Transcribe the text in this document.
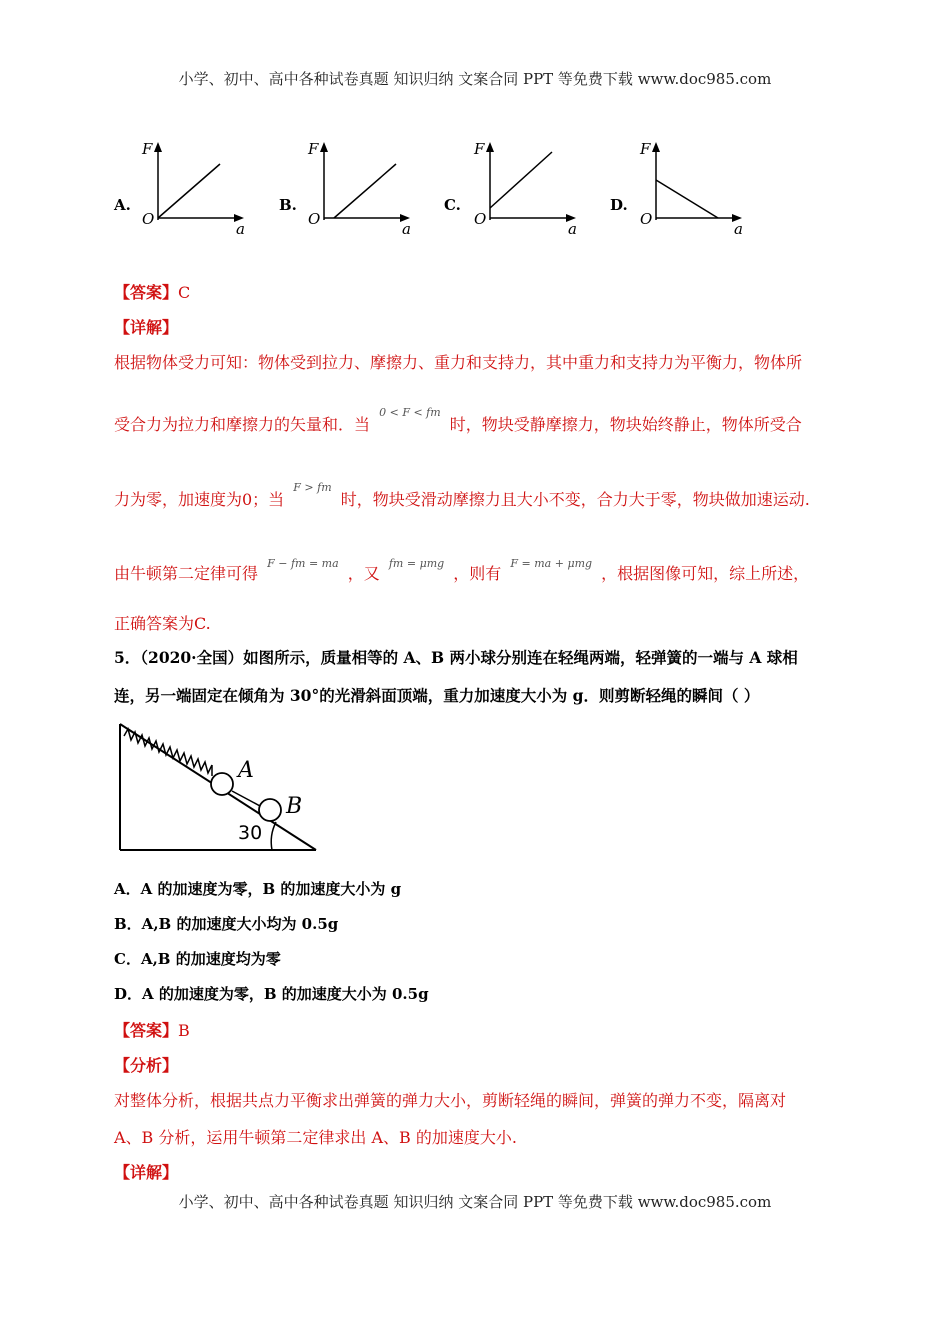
小学、初中、高中各种试卷真题 知识归纳 文案合同 PPT 等免费下载 www.doc985.com
A.	B.	C.	D.
F
O
a
F
O
a
F
O
a
F
O
a
【答案】C
【详解】
根据物体受力可知：物体受到拉力、摩擦力、重力和支持力，其中重力和支持力为平衡力，物体所
受合力为拉力和摩擦力的矢量和．当 $^{0 < F < fm}$ 时，物块受静摩擦力，物块始终静止，物体所受合
力为零，加速度为0；当 $^{F > fm}$ 时，物块受滑动摩擦力且大小不变，合力大于零，物块做加速运动.
由牛顿第二定律可得 $^{F - fm = ma}$ ，又 $^{fm = \mu mg}$ ，则有 $^{F = ma + \mu mg}$ ，根据图像可知，综上所述，
正确答案为C.
5．（2020·全国）如图所示，质量相等的 A、B 两小球分别连在轻绳两端，轻弹簧的一端与 A 球相
连，另一端固定在倾角为 30°的光滑斜面顶端，重力加速度大小为 g．则剪断轻绳的瞬间（ ）
A
B
30
A．A 的加速度为零，B 的加速度大小为 g
B．A,B 的加速度大小均为 0.5g
C．A,B 的加速度均为零
D．A 的加速度为零，B 的加速度大小为 0.5g
【答案】B
【分析】
对整体分析，根据共点力平衡求出弹簧的弹力大小，剪断轻绳的瞬间，弹簧的弹力不变，隔离对
A、B 分析，运用牛顿第二定律求出 A、B 的加速度大小.
【详解】
小学、初中、高中各种试卷真题 知识归纳 文案合同 PPT 等免费下载 www.doc985.com
